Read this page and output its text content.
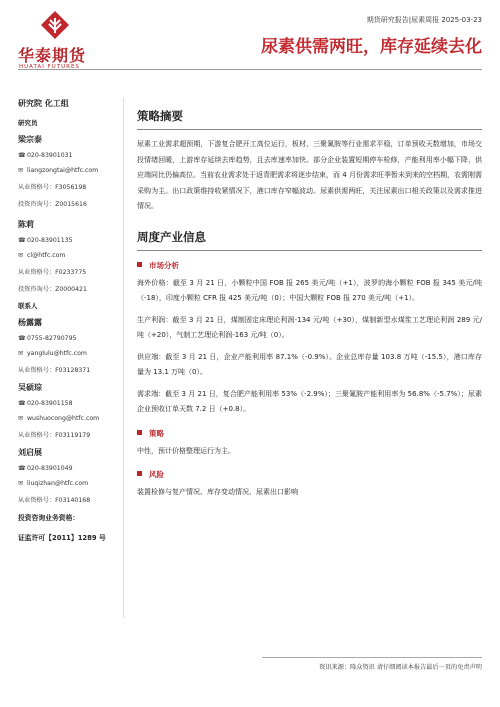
华泰期货
HUATAI FUTURES
期货研究报告|尿素周报 2025-03-23
尿素供需两旺，库存延续去化
研究院 化工组
研究员
梁宗泰
☎020-83901031
✉ liangzongtai@htfc.com
从业资格号：F3056198
投资咨询号：Z0015616
陈莉
☎020-83901135
✉ cl@htfc.com
从业资格号：F0233775
投资咨询号：Z0000421
联系人
杨露露
☎0755-82790795
✉ yanglulu@htfc.com
从业资格号：F03128371
吴硕琮
☎020-83901158
✉ wushuocong@htfc.com
从业资格号：F03119179
刘启展
☎020-83901049
✉ liuqizhan@htfc.com
从业资格号：F03140168
投资咨询业务资格：
证监许可【2011】1289 号
策略摘要

尿素工业需求超预期，下游复合肥开工高位运行，板材、三聚氰胺等行业需求平稳，订单预收天数增加，市场交投情绪回暖，上游库存延续去库趋势，且去库速率加快。部分企业装置短期停车检修，产能利用率小幅下降，供应端同比仍偏高位。当前农业需求处于返青肥需求将逐步结束，而 4 月份需求旺季暂未到来的空档期，农需刚需采购为主。出口政策维持收紧情况下，港口库存窄幅波动。尿素供需两旺，关注尿素出口相关政策以及需求推进情况。

周度产业信息

市场分析

海外价格：截至 3 月 21 日，小颗粒中国 FOB 报 265 美元/吨（+1），波罗的海小颗粒 FOB 报 345 美元/吨（-18），印度小颗粒 CFR 报 425 美元/吨（0）；中国大颗粒 FOB 报 270 美元/吨（+1）。

生产利润：截至 3 月 21 日，煤制固定床理论利润-134 元/吨（+30），煤制新型水煤浆工艺理论利润 289 元/吨（+20），气制工艺理论利润-163 元/吨（0）。

供应端：截至 3 月 21 日，企业产能利用率 87.1%（-0.9%）。企业总库存量 103.8 万吨（-15.5），港口库存量为 13.1 万吨（0）。

需求端：截至 3 月 21 日，复合肥产能利用率 53%（-2.9%）；三聚氰胺产能利用率为 56.8%（-5.7%）；尿素企业预收订单天数 7.2 日（+0.8）。

策略

中性，预计价格整理运行为主。

风险

装置检修与复产情况、库存变动情况、尿素出口影响

资讯来源：隆众资讯 请仔细阅读本报告最后一页的免责声明
